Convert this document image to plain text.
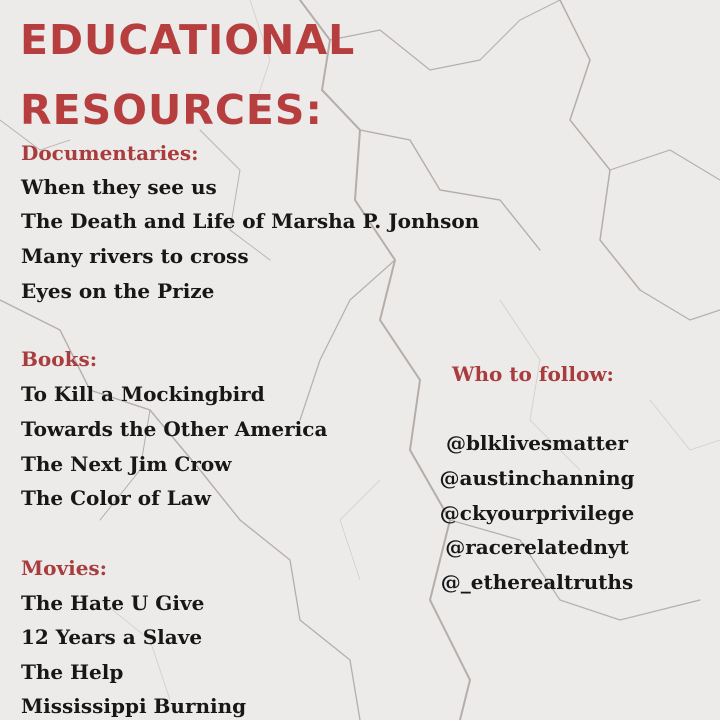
EDUCATIONAL
RESOURCES:

Documentaries:

When they see us

The Death and Life of Marsha P. Jonhson

Many rivers to cross

Eyes on the Prize

Books:

To Kill a Mockingbird

Towards the Other America

The Next Jim Crow

The Color of Law

Movies:

The Hate U Give

12 Years a Slave

The Help

Mississippi Burning

Who to follow:

@blklivesmatter

@austinchanning

@ckyourprivilege

@racerelatednyt

@_etherealtruths
